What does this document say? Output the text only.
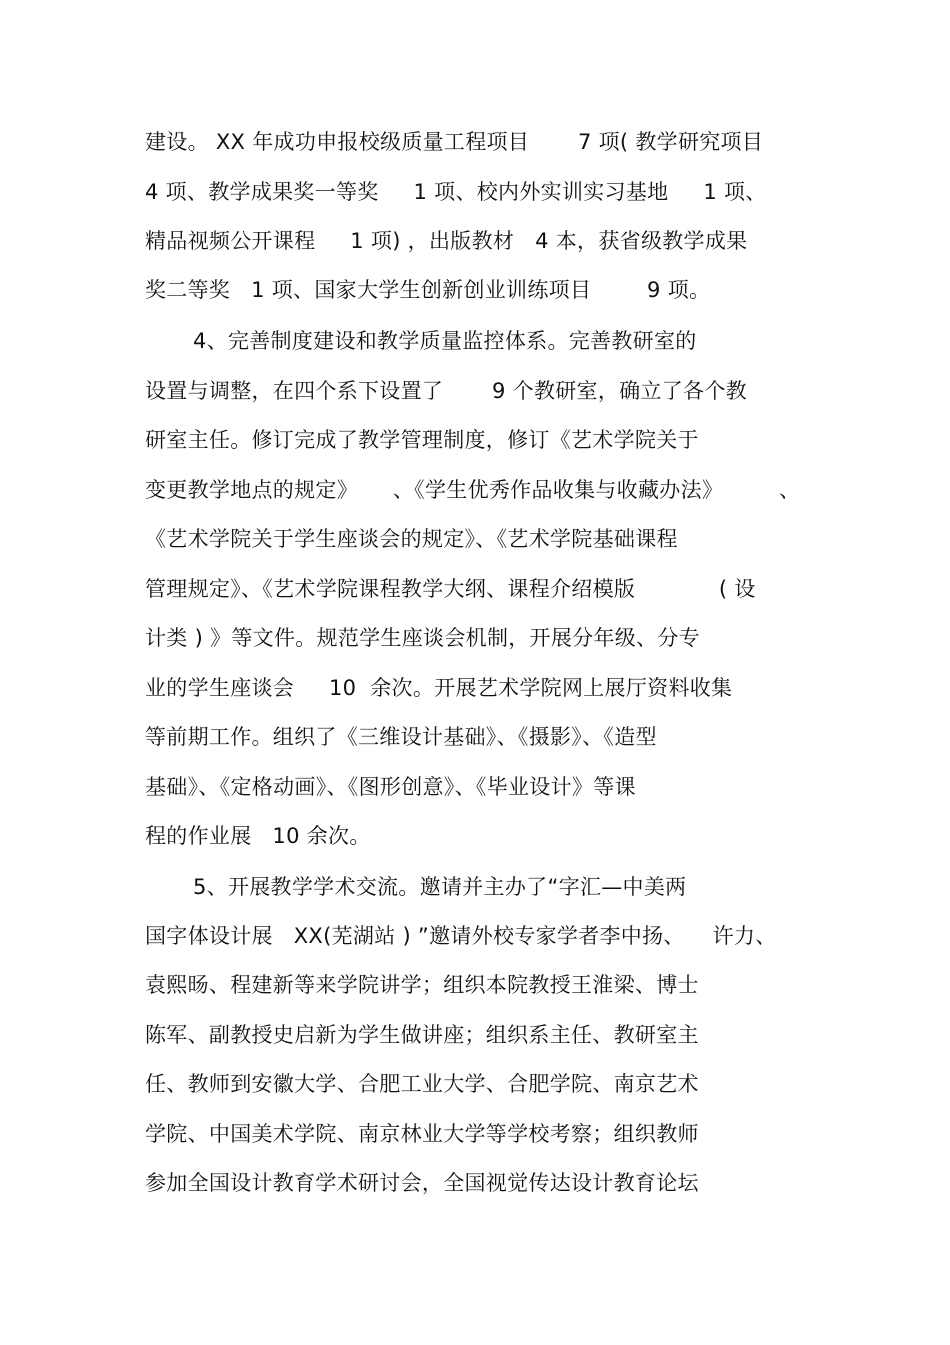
建设。 XX 年成功申报校级质量工程项目       7 项( 教学研究项目
4 项、教学成果奖一等奖     1 项、校内外实训实习基地     1 项、
精品视频公开课程     1 项) ，出版教材   4 本，获省级教学成果
奖二等奖   1 项、国家大学生创新创业训练项目        9 项。
4、完善制度建设和教学质量监控体系。完善教研室的
设置与调整，在四个系下设置了       9 个教研室，确立了各个教
研室主任。修订完成了教学管理制度，修订《艺术学院关于
变更教学地点的规定》     、《学生优秀作品收集与收藏办法》        、
《艺术学院关于学生座谈会的规定》、《艺术学院基础课程
管理规定》、《艺术学院课程教学大纲、课程介绍模版            ( 设
计类 ) 》等文件。规范学生座谈会机制，开展分年级、分专
业的学生座谈会     10  余次。开展艺术学院网上展厅资料收集
等前期工作。组织了《三维设计基础》、《摄影》、《造型
基础》、《定格动画》、《图形创意》、《毕业设计》等课
程的作业展   10 余次。
5、开展教学学术交流。邀请并主办了“字汇—中美两
国字体设计展   XX(芜湖站 ) ”邀请外校专家学者李中扬、    许力、
袁熙旸、程建新等来学院讲学；组织本院教授王淮梁、博士
陈军、副教授史启新为学生做讲座；组织系主任、教研室主
任、教师到安徽大学、合肥工业大学、合肥学院、南京艺术
学院、中国美术学院、南京林业大学等学校考察；组织教师
参加全国设计教育学术研讨会，全国视觉传达设计教育论坛
